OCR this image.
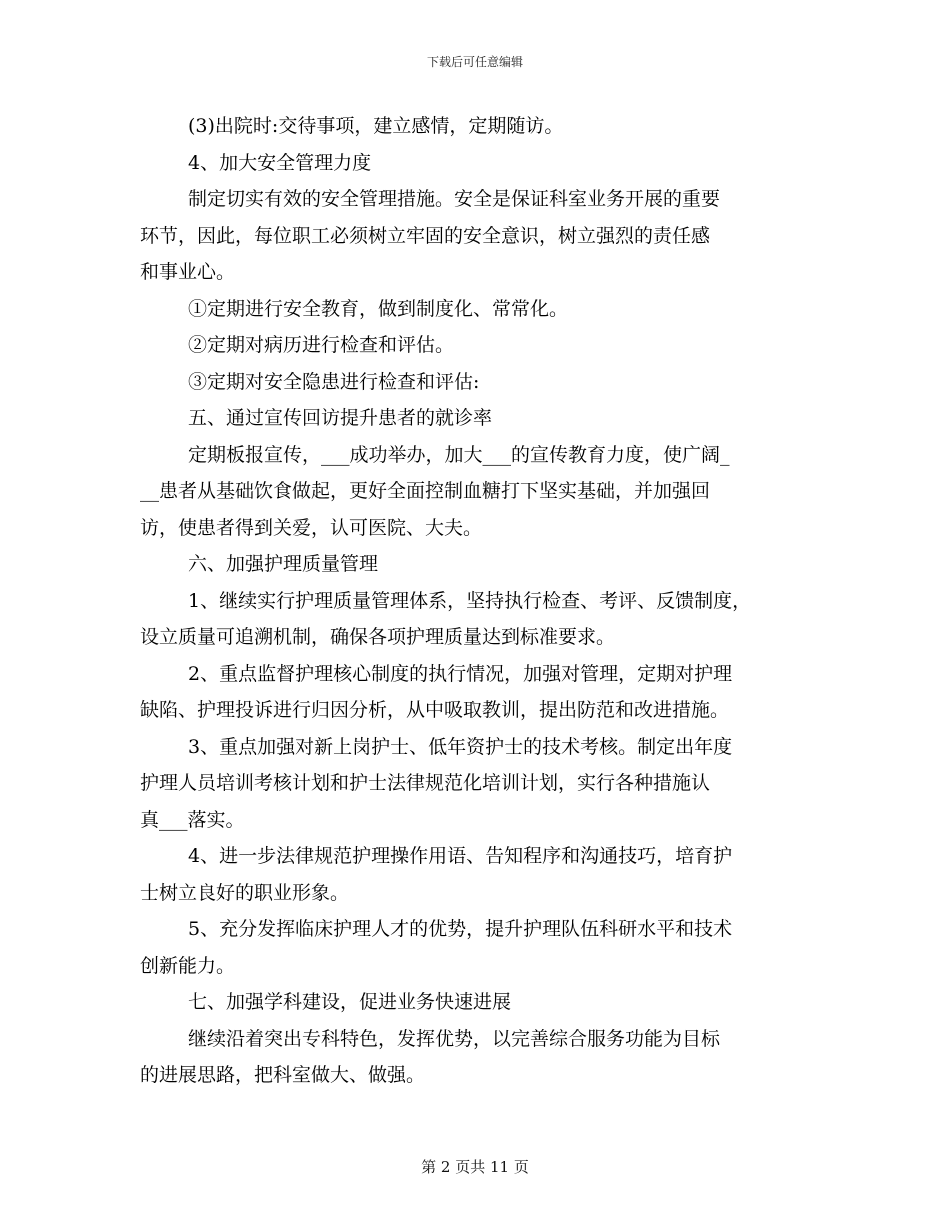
下载后可任意编辑

(3)出院时:交待事项，建立感情，定期随访。

4、加大安全管理力度

制定切实有效的安全管理措施。安全是保证科室业务开展的重要
环节，因此，每位职工必须树立牢固的安全意识，树立强烈的责任感
和事业心。

①定期进行安全教育，做到制度化、常常化。

②定期对病历进行检查和评估。

③定期对安全隐患进行检查和评估:

五、通过宣传回访提升患者的就诊率

定期板报宣传，___成功举办，加大___的宣传教育力度，使广阔_
__患者从基础饮食做起，更好全面控制血糖打下坚实基础，并加强回
访，使患者得到关爱，认可医院、大夫。

六、加强护理质量管理

1、继续实行护理质量管理体系，坚持执行检查、考评、反馈制度，
设立质量可追溯机制，确保各项护理质量达到标准要求。

2、重点监督护理核心制度的执行情况，加强对管理，定期对护理
缺陷、护理投诉进行归因分析，从中吸取教训，提出防范和改进措施。

3、重点加强对新上岗护士、低年资护士的技术考核。制定出年度
护理人员培训考核计划和护士法律规范化培训计划，实行各种措施认
真___落实。

4、进一步法律规范护理操作用语、告知程序和沟通技巧，培育护
士树立良好的职业形象。

5、充分发挥临床护理人才的优势，提升护理队伍科研水平和技术
创新能力。

七、加强学科建设，促进业务快速进展

继续沿着突出专科特色，发挥优势，以完善综合服务功能为目标
的进展思路，把科室做大、做强。

第 2 页共 11 页
